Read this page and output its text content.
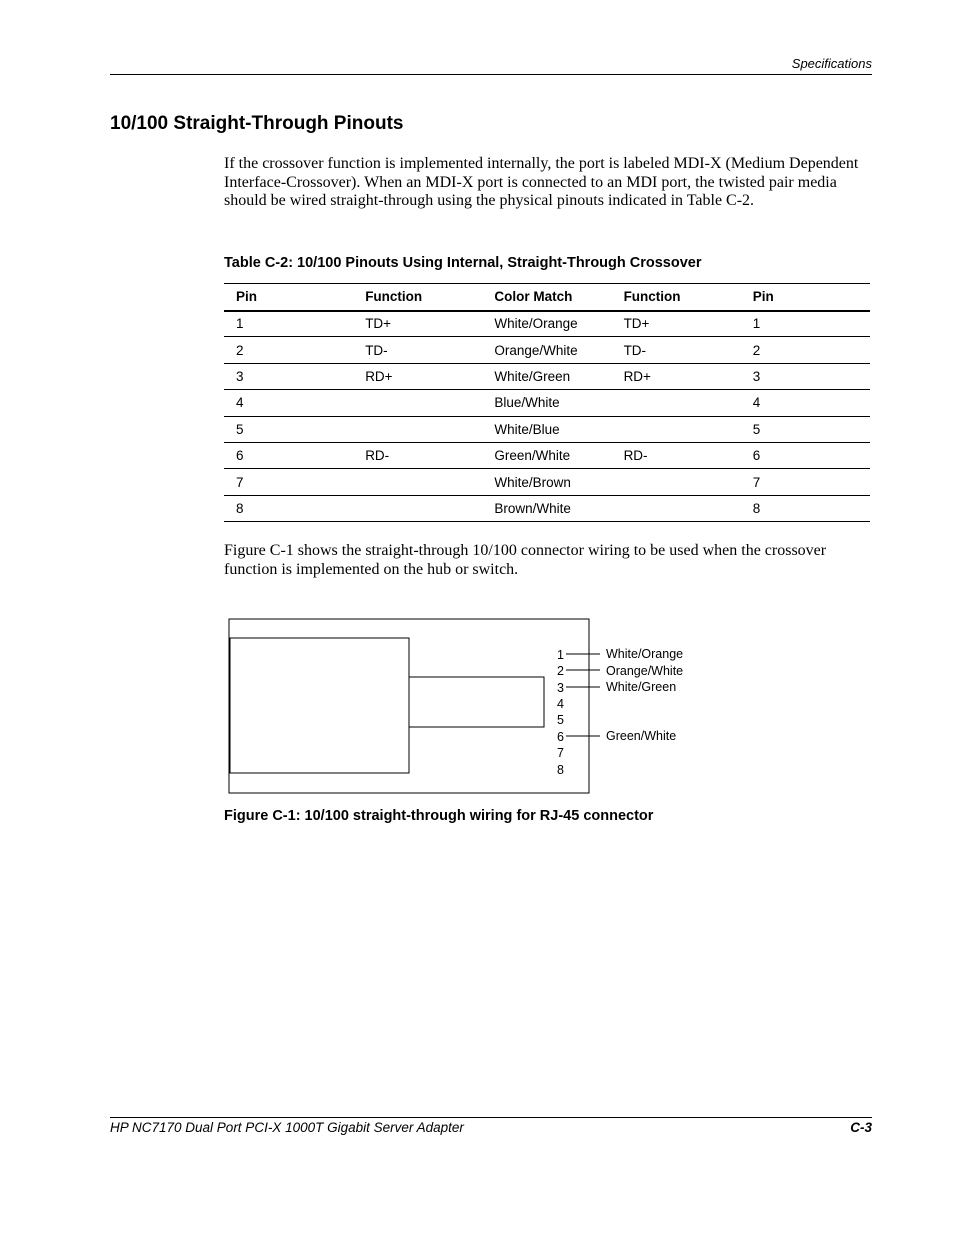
Specifications
10/100 Straight-Through Pinouts

If the crossover function is implemented internally, the port is labeled MDI-X (Medium Dependent Interface-Crossover). When an MDI-X port is connected to an MDI port, the twisted pair media should be wired straight-through using the physical pinouts indicated in Table C-2.

Table C-2: 10/100 Pinouts Using Internal, Straight-Through Crossover

Pin	Function	Color Match	Function	Pin
1	TD+	White/Orange	TD+	1
2	TD-	Orange/White	TD-	2
3	RD+	White/Green	RD+	3
4		Blue/White		4
5		White/Blue		5
6	RD-	Green/White	RD-	6
7		White/Brown		7
8		Brown/White		8

Figure C-1 shows the straight-through 10/100 connector wiring to be used when the crossover function is implemented on the hub or switch.

1
2
3
4
5
6
7
8
White/Orange
Orange/White
White/Green
Green/White

Figure C-1: 10/100 straight-through wiring for RJ-45 connector

HP NC7170 Dual Port PCI-X 1000T Gigabit Server Adapter	C-3
